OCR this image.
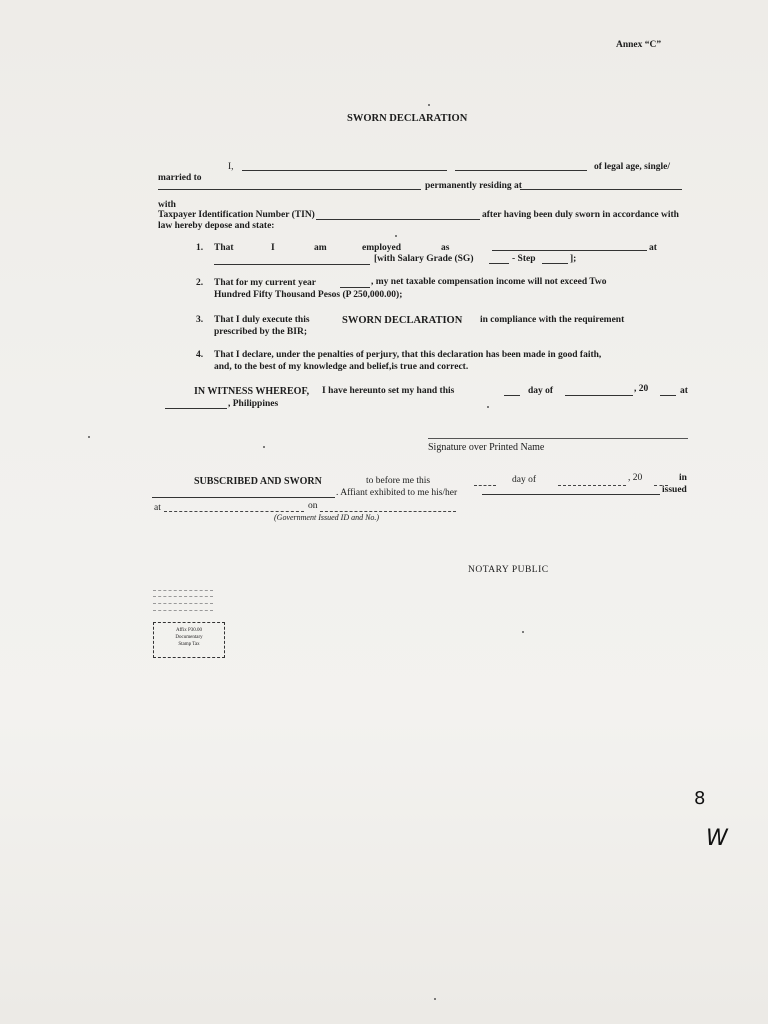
Annex “C”
SWORN DECLARATION
I,	of legal age, single/
married to
permanently residing at
with
Taxpayer Identification Number (TIN)	after having been duly sworn in accordance with
law hereby depose and state:
1. That	I	am	employed	as	at
[with Salary Grade (SG)	- Step	];
2. That for my current year	, my net taxable compensation income will not exceed Two
Hundred Fifty Thousand Pesos (P 250,000.00);
3. That I duly execute this	SWORN DECLARATION in compliance with the requirement
prescribed by the BIR;
4. That I declare, under the penalties of perjury, that this declaration has been made in good faith,
and, to the best of my knowledge and belief,is true and correct.
IN WITNESS WHEREOF, I have hereunto set my hand this	day of	, 20	at
, Philippines
Signature over Printed Name
SUBSCRIBED AND SWORN	to before me this	day of	, 20	in
. Affiant exhibited to me his/her	issued
at	on
(Government Issued ID and No.)
NOTARY PUBLIC
Affix P30.00
Documentary
Stamp Tax
8
W
